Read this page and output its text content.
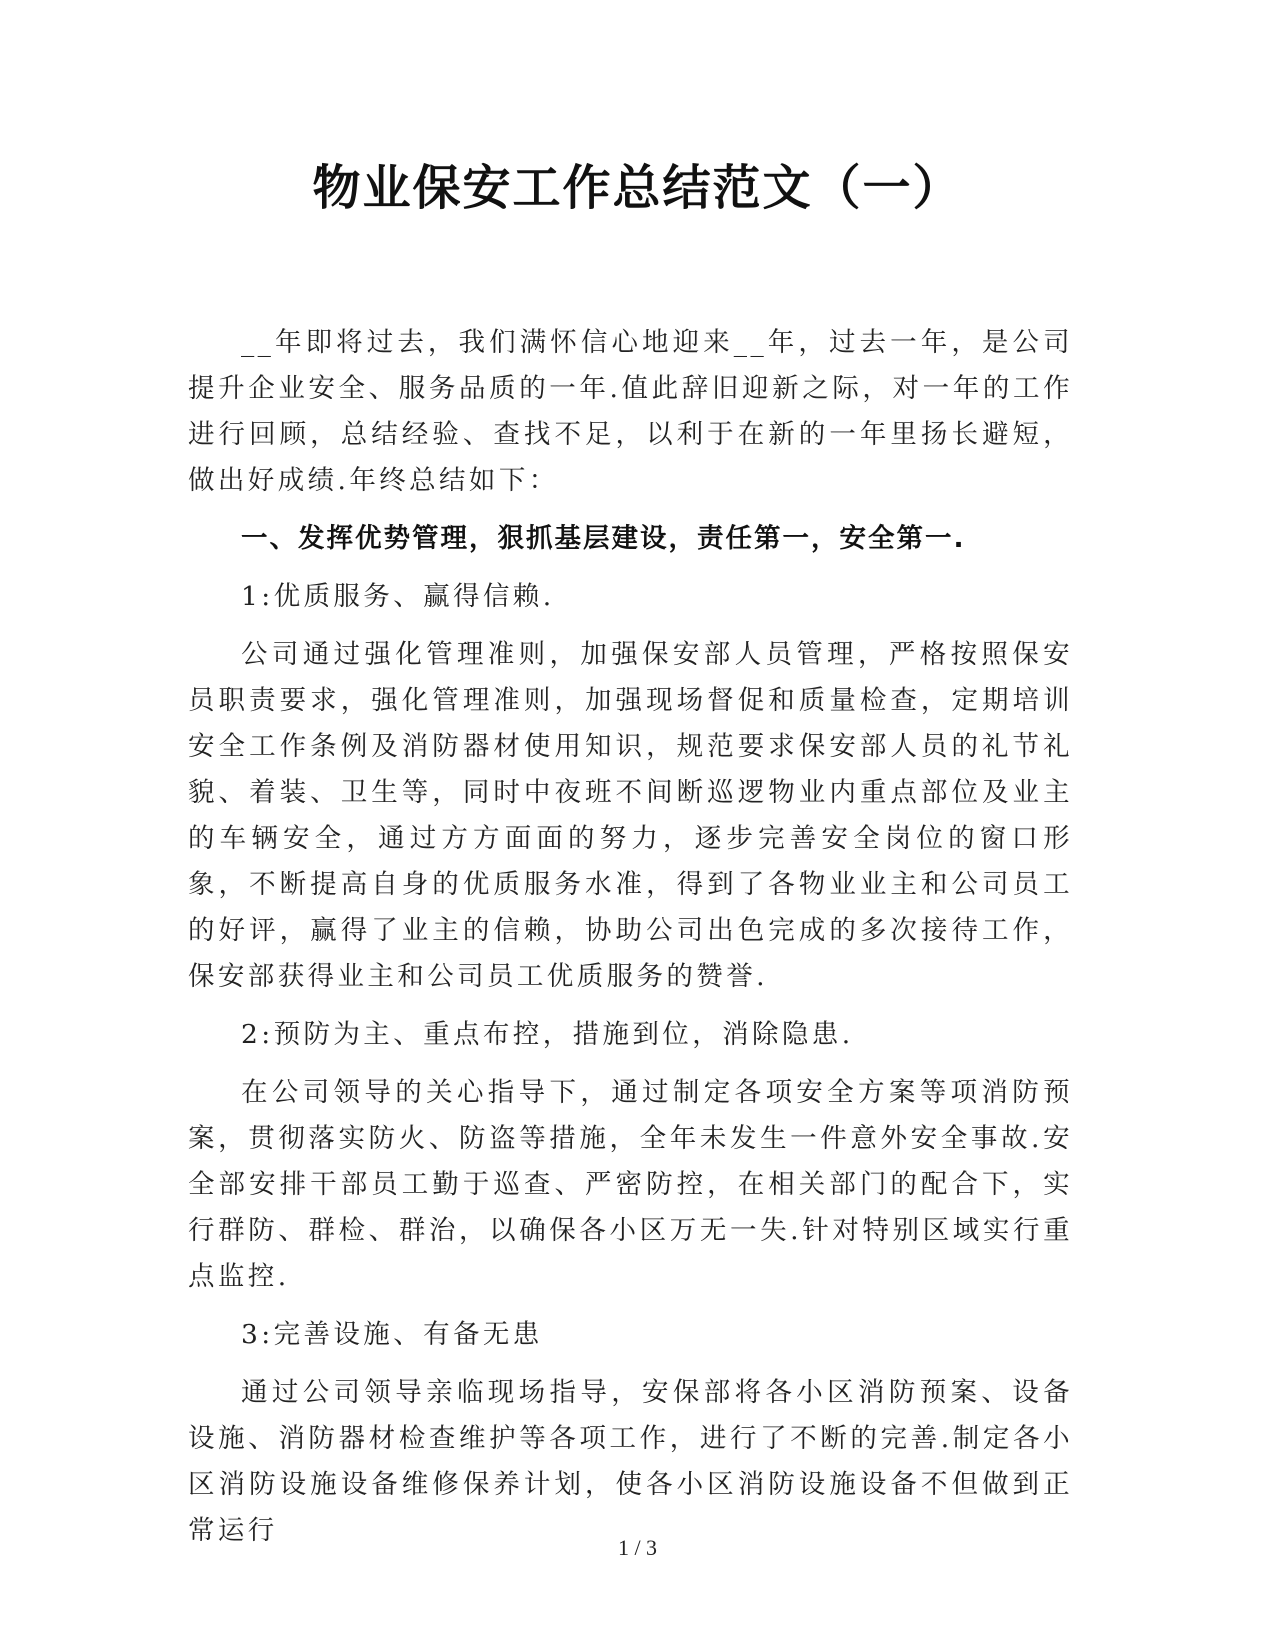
物业保安工作总结范文（一）

__年即将过去，我们满怀信心地迎来__年，过去一年，是公司提升企业安全、服务品质的一年.值此辞旧迎新之际，对一年的工作进行回顾，总结经验、查找不足，以利于在新的一年里扬长避短，做出好成绩.年终总结如下：

一、发挥优势管理，狠抓基层建设，责任第一，安全第一.

1:优质服务、赢得信赖.

公司通过强化管理准则，加强保安部人员管理，严格按照保安员职责要求，强化管理准则，加强现场督促和质量检查，定期培训安全工作条例及消防器材使用知识，规范要求保安部人员的礼节礼貌、着装、卫生等，同时中夜班不间断巡逻物业内重点部位及业主的车辆安全，通过方方面面的努力，逐步完善安全岗位的窗口形象，不断提高自身的优质服务水准，得到了各物业业主和公司员工的好评，赢得了业主的信赖，协助公司出色完成的多次接待工作，保安部获得业主和公司员工优质服务的赞誉.

2:预防为主、重点布控，措施到位，消除隐患.

在公司领导的关心指导下，通过制定各项安全方案等项消防预案，贯彻落实防火、防盗等措施，全年未发生一件意外安全事故.安全部安排干部员工勤于巡查、严密防控，在相关部门的配合下，实行群防、群检、群治，以确保各小区万无一失.针对特别区域实行重点监控.

3:完善设施、有备无患

通过公司领导亲临现场指导，安保部将各小区消防预案、设备设施、消防器材检查维护等各项工作，进行了不断的完善.制定各小区消防设施设备维修保养计划，使各小区消防设施设备不但做到正常运行

1 / 3
